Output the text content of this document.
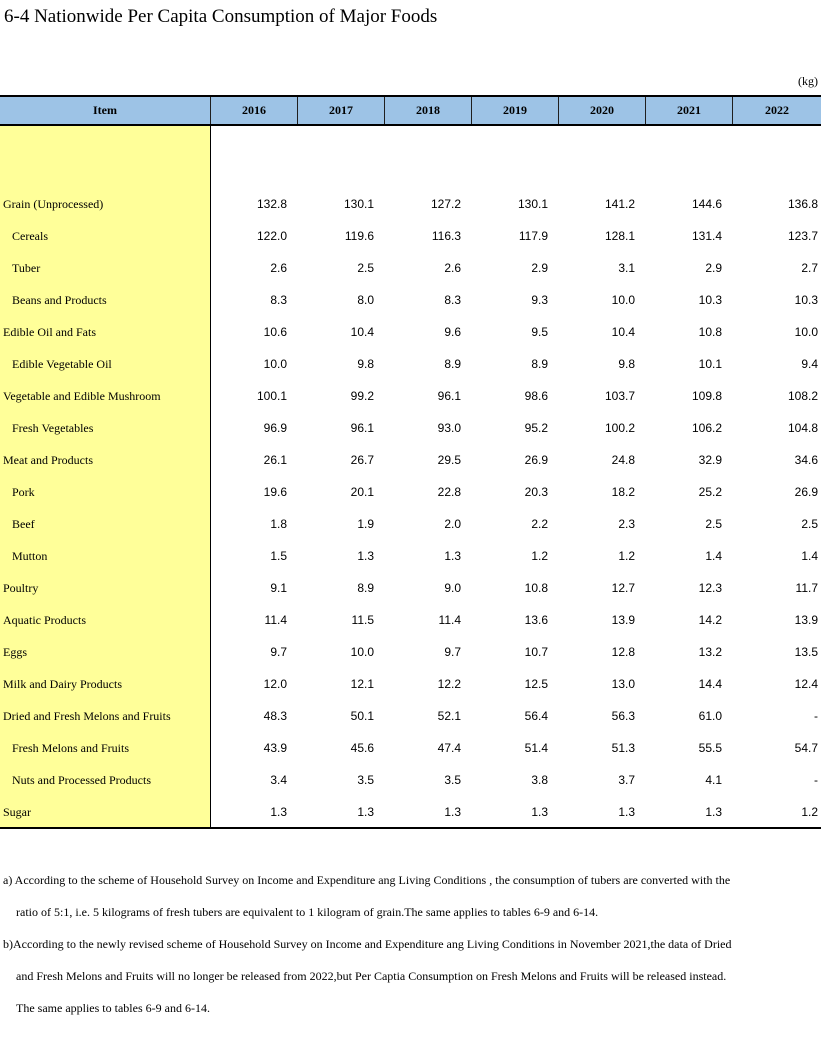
6-4 Nationwide Per Capita Consumption of Major Foods
(kg)
Item	2016	2017	2018	2019	2020	2021	2022
Grain (Unprocessed)	132.8	130.1	127.2	130.1	141.2	144.6	136.8
Cereals	122.0	119.6	116.3	117.9	128.1	131.4	123.7
Tuber	2.6	2.5	2.6	2.9	3.1	2.9	2.7
Beans and Products	8.3	8.0	8.3	9.3	10.0	10.3	10.3
Edible Oil and Fats	10.6	10.4	9.6	9.5	10.4	10.8	10.0
Edible Vegetable Oil	10.0	9.8	8.9	8.9	9.8	10.1	9.4
Vegetable and Edible Mushroom	100.1	99.2	96.1	98.6	103.7	109.8	108.2
Fresh Vegetables	96.9	96.1	93.0	95.2	100.2	106.2	104.8
Meat and Products	26.1	26.7	29.5	26.9	24.8	32.9	34.6
Pork	19.6	20.1	22.8	20.3	18.2	25.2	26.9
Beef	1.8	1.9	2.0	2.2	2.3	2.5	2.5
Mutton	1.5	1.3	1.3	1.2	1.2	1.4	1.4
Poultry	9.1	8.9	9.0	10.8	12.7	12.3	11.7
Aquatic Products	11.4	11.5	11.4	13.6	13.9	14.2	13.9
Eggs	9.7	10.0	9.7	10.7	12.8	13.2	13.5
Milk and Dairy Products	12.0	12.1	12.2	12.5	13.0	14.4	12.4
Dried and Fresh Melons and Fruits	48.3	50.1	52.1	56.4	56.3	61.0	-
Fresh Melons and Fruits	43.9	45.6	47.4	51.4	51.3	55.5	54.7
Nuts and Processed Products	3.4	3.5	3.5	3.8	3.7	4.1	-
Sugar	1.3	1.3	1.3	1.3	1.3	1.3	1.2

a) According to the scheme of Household Survey on Income and Expenditure ang Living Conditions , the consumption of tubers are converted with the

ratio of 5:1, i.e. 5 kilograms of fresh tubers are equivalent to 1 kilogram of grain.The same applies to tables 6-9 and 6-14.

b)According to the newly revised scheme of Household Survey on Income and Expenditure ang Living Conditions in November 2021,the data of Dried

and Fresh Melons and Fruits will no longer be released from 2022,but Per Captia Consumption on Fresh Melons and Fruits will be released instead.

The same applies to tables 6-9 and 6-14.
